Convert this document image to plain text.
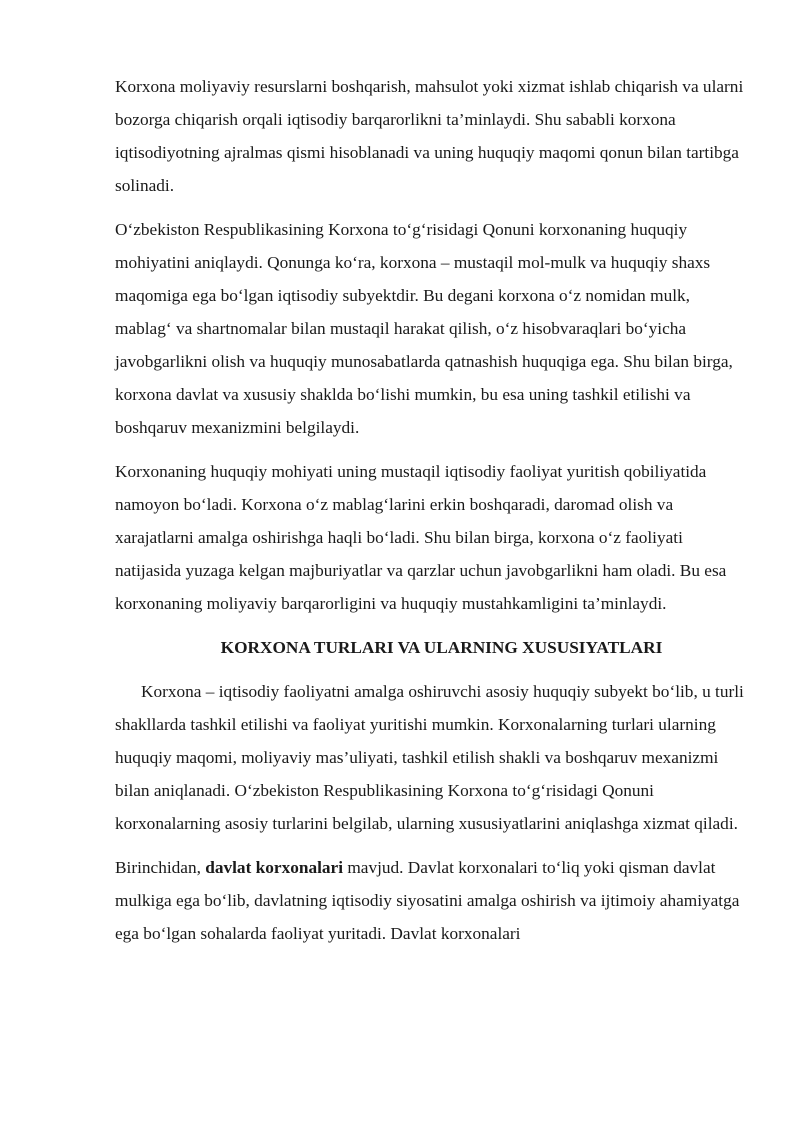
Korxona moliyaviy resurslarni boshqarish, mahsulot yoki xizmat ishlab chiqarish va ularni bozorga chiqarish orqali iqtisodiy barqarorlikni ta’minlaydi. Shu sababli korxona iqtisodiyotning ajralmas qismi hisoblanadi va uning huquqiy maqomi qonun bilan tartibga solinadi.

O‘zbekiston Respublikasining Korxona to‘g‘risidagi Qonuni korxonaning huquqiy mohiyatini aniqlaydi. Qonunga ko‘ra, korxona – mustaqil mol-mulk va huquqiy shaxs maqomiga ega bo‘lgan iqtisodiy subyektdir. Bu degani korxona o‘z nomidan mulk, mablag‘ va shartnomalar bilan mustaqil harakat qilish, o‘z hisobvaraqlari bo‘yicha javobgarlikni olish va huquqiy munosabatlarda qatnashish huquqiga ega. Shu bilan birga, korxona davlat va xususiy shaklda bo‘lishi mumkin, bu esa uning tashkil etilishi va boshqaruv mexanizmini belgilaydi.

Korxonaning huquqiy mohiyati uning mustaqil iqtisodiy faoliyat yuritish qobiliyatida namoyon bo‘ladi. Korxona o‘z mablag‘larini erkin boshqaradi, daromad olish va xarajatlarni amalga oshirishga haqli bo‘ladi. Shu bilan birga, korxona o‘z faoliyati natijasida yuzaga kelgan majburiyatlar va qarzlar uchun javobgarlikni ham oladi. Bu esa korxonaning moliyaviy barqarorligini va huquqiy mustahkamligini ta’minlaydi.

KORXONA TURLARI VA ULARNING XUSUSIYATLARI

Korxona – iqtisodiy faoliyatni amalga oshiruvchi asosiy huquqiy subyekt bo‘lib, u turli shakllarda tashkil etilishi va faoliyat yuritishi mumkin. Korxonalarning turlari ularning huquqiy maqomi, moliyaviy mas’uliyati, tashkil etilish shakli va boshqaruv mexanizmi bilan aniqlanadi. O‘zbekiston Respublikasining Korxona to‘g‘risidagi Qonuni korxonalarning asosiy turlarini belgilab, ularning xususiyatlarini aniqlashga xizmat qiladi.

Birinchidan, davlat korxonalari mavjud. Davlat korxonalari to‘liq yoki qisman davlat mulkiga ega bo‘lib, davlatning iqtisodiy siyosatini amalga oshirish va ijtimoiy ahamiyatga ega bo‘lgan sohalarda faoliyat yuritadi. Davlat korxonalari
